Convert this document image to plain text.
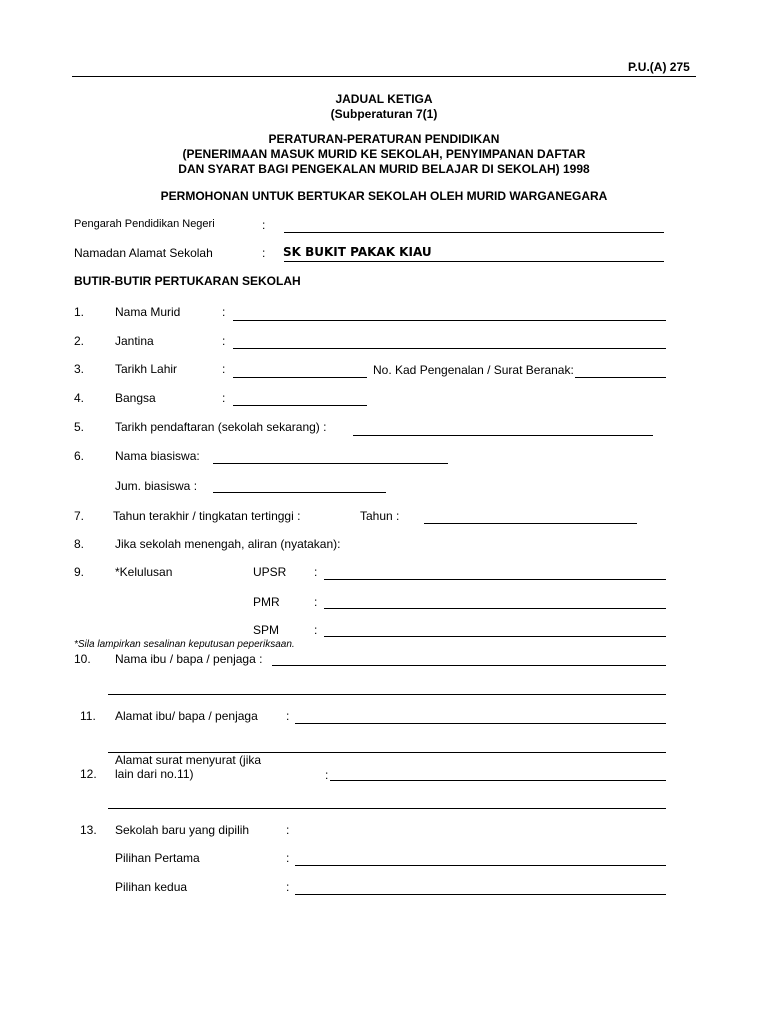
P.U.(A) 275
JADUAL KETIGA
(Subperaturan 7(1)
PERATURAN-PERATURAN PENDIDIKAN
(PENERIMAAN MASUK MURID KE SEKOLAH, PENYIMPANAN DAFTAR
DAN SYARAT BAGI PENGEKALAN MURID BELAJAR DI SEKOLAH) 1998
PERMOHONAN UNTUK BERTUKAR SEKOLAH OLEH MURID WARGANEGARA
Pengarah Pendidikan Negeri	:
Namadan Alamat Sekolah	: SK BUKIT PAKAK KIAU
BUTIR-BUTIR PERTUKARAN SEKOLAH
1.	Nama Murid	:
2.	Jantina	:
3.	Tarikh Lahir	:	No. Kad Pengenalan / Surat Beranak:
4.	Bangsa	:
5.	Tarikh pendaftaran (sekolah sekarang) :
6.	Nama biasiswa:
Jum. biasiswa :
7. Tahun terakhir / tingkatan tertinggi :	Tahun :
8.	Jika sekolah menengah, aliran (nyatakan):
9.	*Kelulusan	UPSR :
PMR	:
SPM	:
*Sila lampirkan sesalinan keputusan peperiksaan.
10. Nama ibu / bapa / penjaga :
11. Alamat ibu/ bapa / penjaga :
Alamat surat menyurat (jika
12. lain dari no.11)	:
13. Sekolah baru yang dipilih	:
Pilihan Pertama	:
Pilihan kedua	:
